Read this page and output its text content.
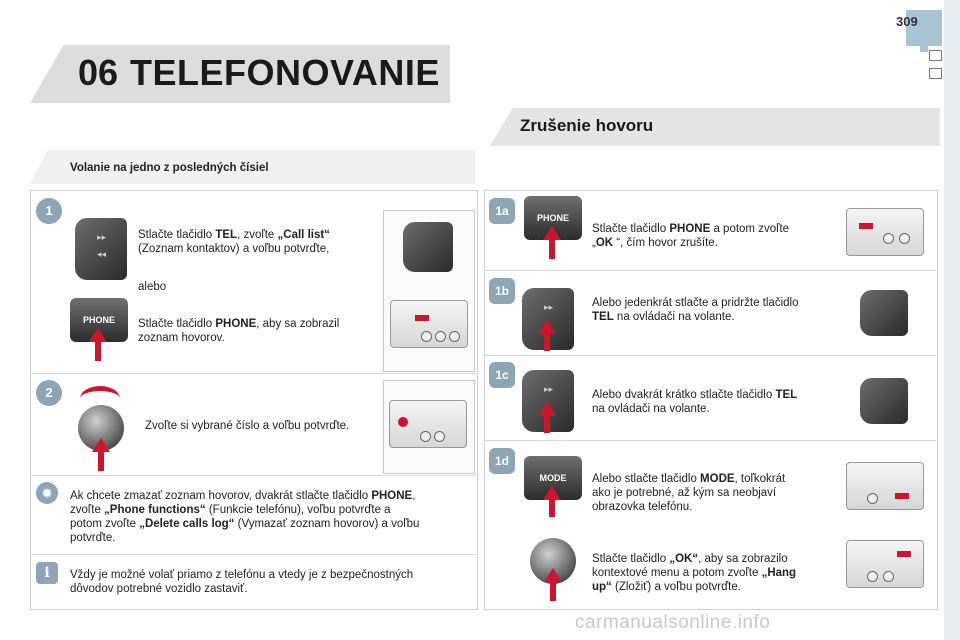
309
06 TELEFONOVANIE
Zrušenie hovoru
Volanie na jedno z posledných čísiel
1
▸▸
◂◂
Stlačte tlačidlo TEL, zvoľte „Call list“
(Zoznam kontaktov) a voľbu potvrďte,
alebo
PHONE	Stlačte tlačidlo PHONE, aby sa zobrazil
zoznam hovorov.
2
Zvoľte si vybrané číslo a voľbu potvrďte.
✹	Ak chcete zmazať zoznam hovorov, dvakrát stlačte tlačidlo PHONE,
zvoľte „Phone functions“ (Funkcie telefónu), voľbu potvrďte a
potom zvoľte „Delete calls log“ (Vymazať zoznam hovorov) a voľbu
potvrďte.
i	Vždy je možné volať priamo z telefónu a vtedy je z bezpečnostných
dôvodov potrebné vozidlo zastaviť.
1a	PHONE
Stlačte tlačidlo PHONE a potom zvoľte
„OK “, čím hovor zrušíte.
1b
▸▸	Alebo jedenkrát stlačte a pridržte tlačidlo
TEL na ovládači na volante.
1c
▸▸	Alebo dvakrát krátko stlačte tlačidlo TEL
na ovládači na volante.
1d
MODE	Alebo stlačte tlačidlo MODE, toľkokrát
ako je potrebné, až kým sa neobjaví
obrazovka telefónu.
Stlačte tlačidlo „OK“, aby sa zobrazilo
kontextové menu a potom zvoľte „Hang
up“ (Zložiť) a voľbu potvrďte.
carmanualsonline.info
